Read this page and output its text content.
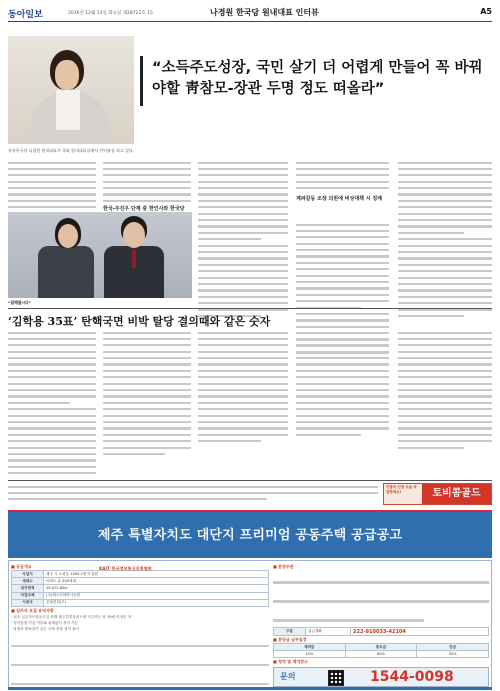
동아일보	2016년 12월 13일 화요일 제28721호 15	나경원 한국당 원내대표 인터뷰	A5
“소득주도성장, 국민 살기 더 어렵게 만들어 꼭 바꿔야할 靑참모-장관 두명 정도 떠올라”
자유한국당 나경원 원내대표가 국회 원내대표실에서 인터뷰를 하고 있다.
한국-주진우 단계 중 한인사와 한국당
계파갈등 조장 의원에 비상대책 시 징계
“잘해봅시다”
‘김학용 35표’ 탄핵국면 비박 탈당 결의때와 같은 숫자
이달의 신청 오늘 마감하세요!	토비콤골드
제주 특별자치도 대단지 프리미엄 공동주택 공급공고
■ 공급개요	KAIT 한국정보통신진흥협회
사업지	제주 시 노형동 1500-1번지 일원
세대수	아파트 총 300세대
대지면적	29,072.80㎡
사업주체	(주)제주신화역사공원
시공사	롯데건설(주)
■ 입주자 모집 유의사항
· 최초 입주자모집공고일 현재 제주특별자치도에 거주하는 만 19세 이상인 자
· 청약통장 가입 여부와 관계없이 청약 가능
· 당첨자 발표일이 같은 주택 중복 청약 불가
■ 분양주관
구분	입금계좌	222-910033-42104
■ 분양금 납부일정
계약금	중도금	잔금
10%	60%	30%
■ 청약 및 계약장소
문의	1544-0098
